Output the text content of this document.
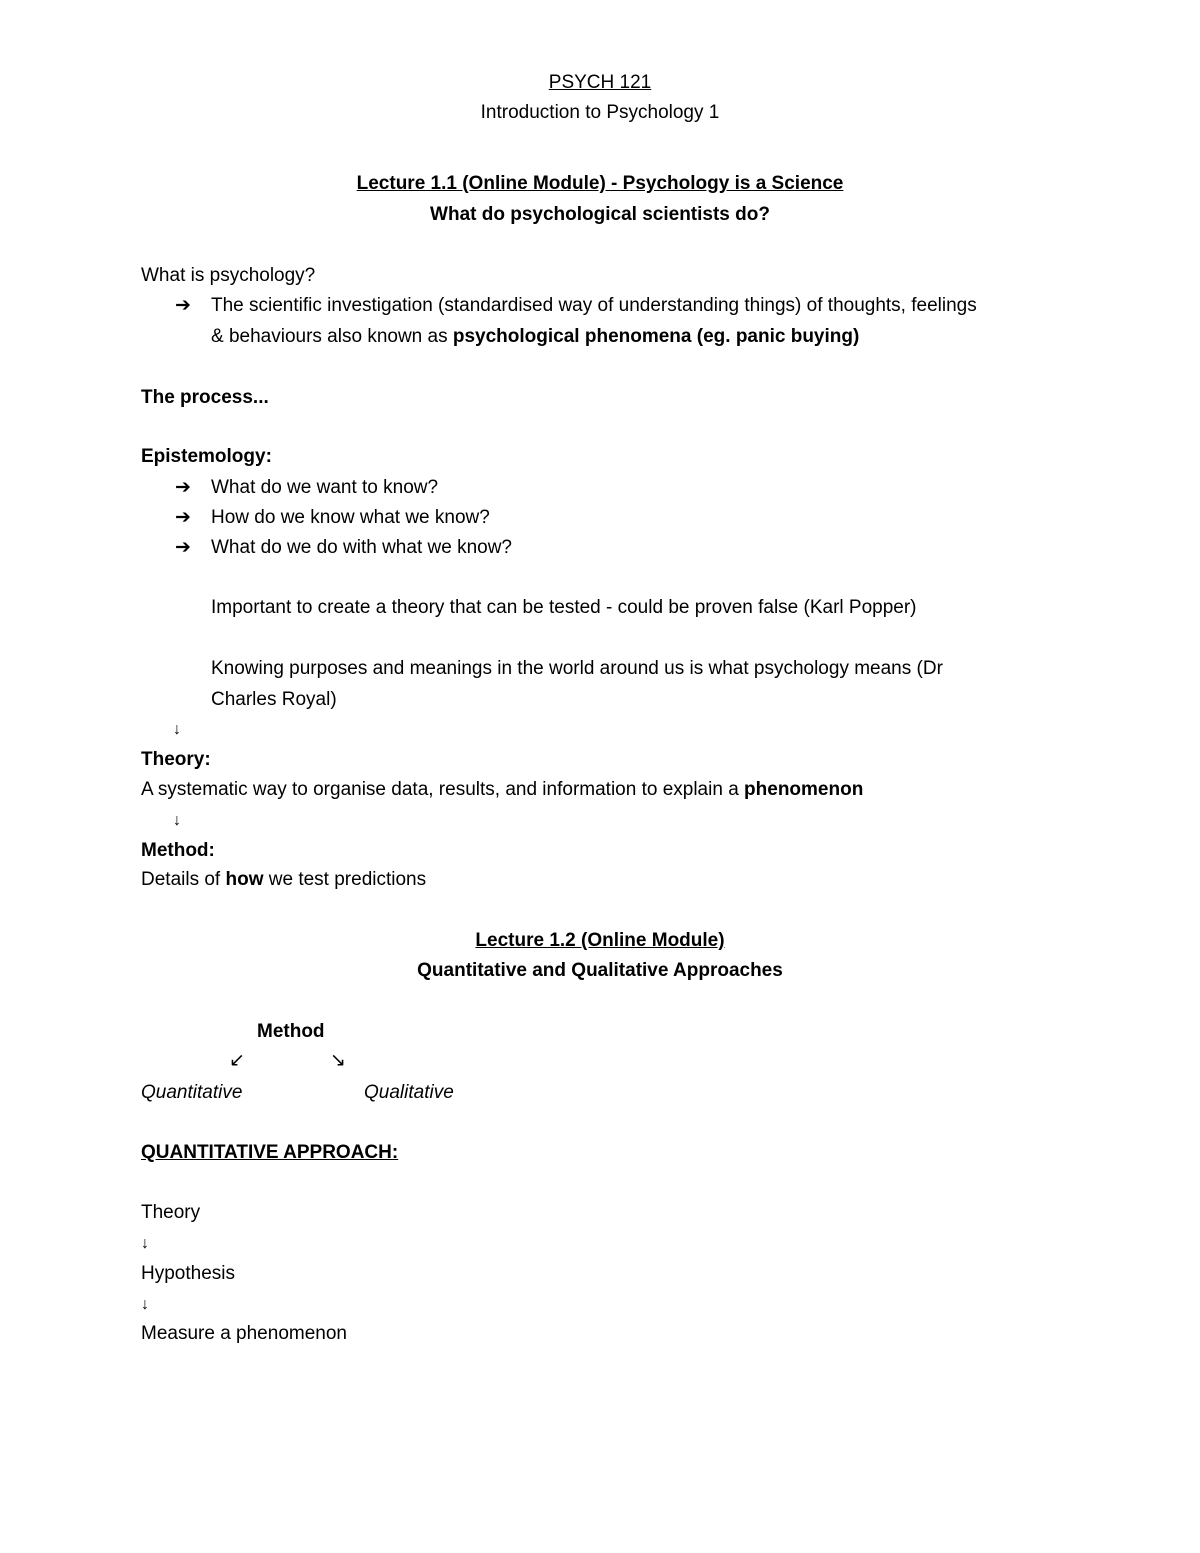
PSYCH 121
Introduction to Psychology 1
Lecture 1.1 (Online Module) - Psychology is a Science
What do psychological scientists do?
What is psychology?
➔ The scientific investigation (standardised way of understanding things) of thoughts, feelings
& behaviours also known as psychological phenomena (eg. panic buying)
The process...
Epistemology:
➔ What do we want to know?
➔ How do we know what we know?
➔ What do we do with what we know?
Important to create a theory that can be tested - could be proven false (Karl Popper)
Knowing purposes and meanings in the world around us is what psychology means (Dr
Charles Royal)
↓
Theory:
A systematic way to organise data, results, and information to explain a phenomenon
↓
Method:
Details of how we test predictions
Lecture 1.2 (Online Module)
Quantitative and Qualitative Approaches
Method
↙	↘
Quantitative	Qualitative
QUANTITATIVE APPROACH:
Theory
↓
Hypothesis
↓
Measure a phenomenon
